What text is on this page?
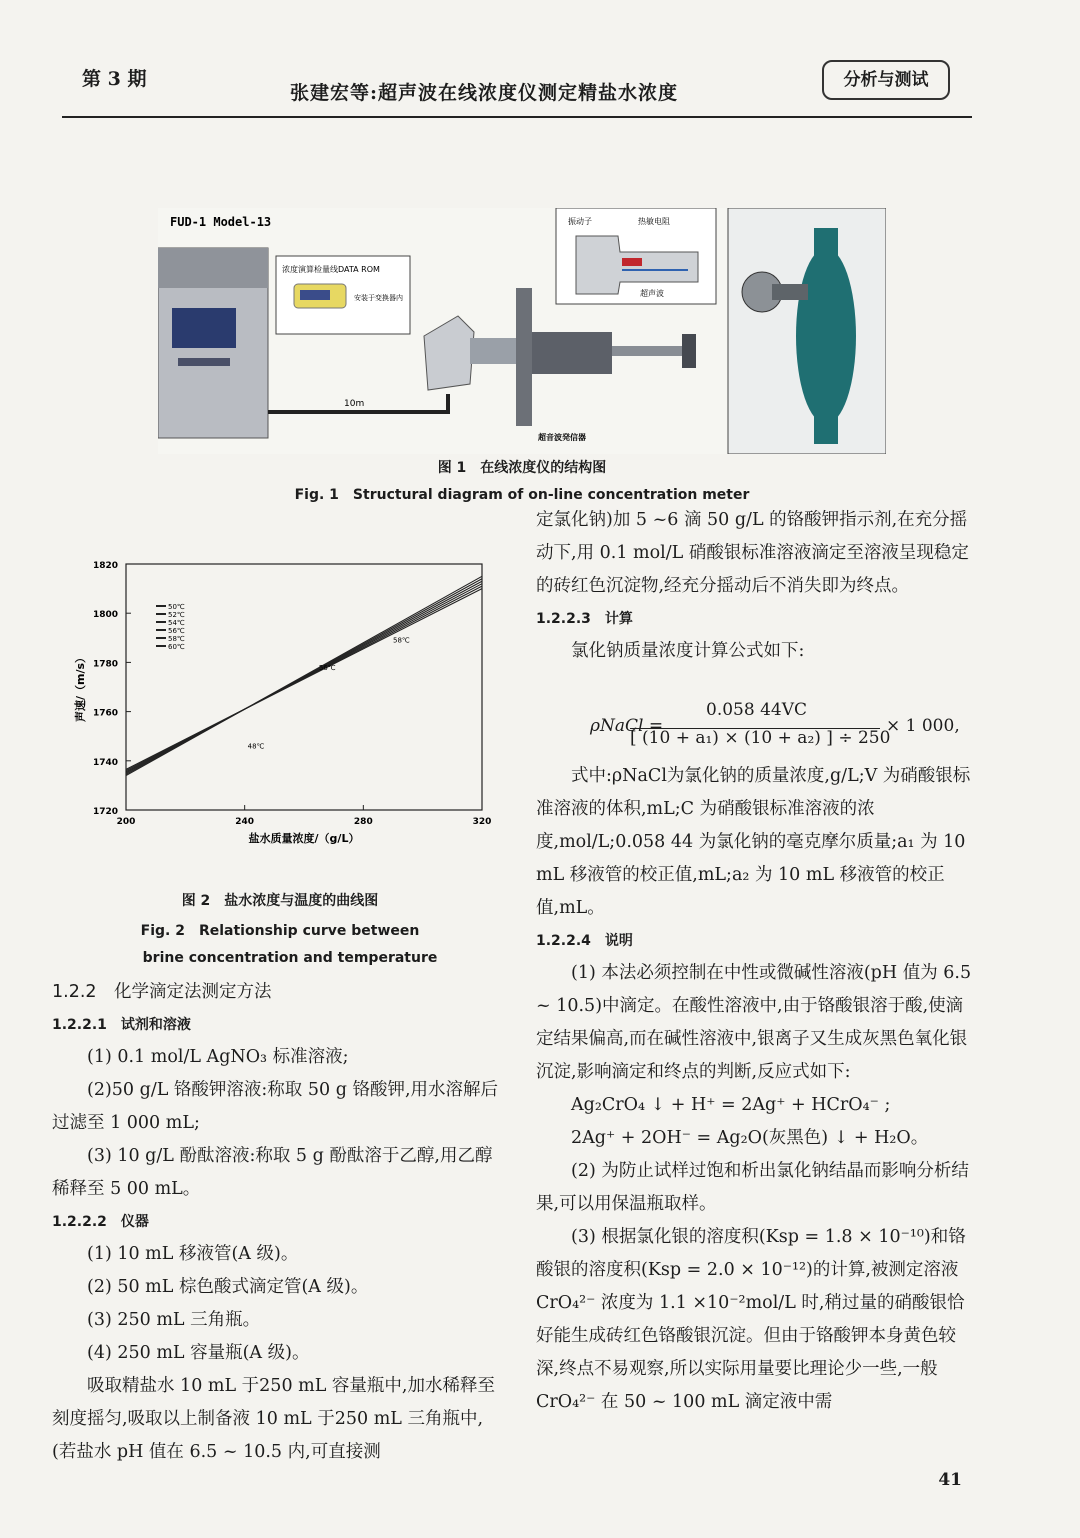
第 3 期
张建宏等:超声波在线浓度仪测定精盐水浓度
分析与测试
FUD-1 Model-13
浓度演算检量线DATA ROM
安装于变换器内
10m
超音波発信器
振动子	热敏电阻
超声波
图 1　在线浓度仪的结构图
Fig. 1　Structural diagram of on-line concentration meter
1720
1740
1760
1780
1800
1820
200	240	280	320
盐水质量浓度/（g/L）
声速/（m/s）
50℃
52℃
54℃
56℃
58℃
60℃
48℃
58℃
56℃
图 2　盐水浓度与温度的曲线图
Fig. 2　Relationship curve between
brine concentration and temperature

1.2.2　化学滴定法测定方法

1.2.2.1　试剂和溶液

(1) 0.1 mol/L AgNO₃ 标准溶液;

(2)50 g/L 铬酸钾溶液:称取 50 g 铬酸钾,用水溶解后过滤至 1 000 mL;

(3) 10 g/L 酚酞溶液:称取 5 g 酚酞溶于乙醇,用乙醇稀释至 5 00 mL。

1.2.2.2　仪器

(1) 10 mL 移液管(A 级)。

(2) 50 mL 棕色酸式滴定管(A 级)。

(3) 250 mL 三角瓶。

(4) 250 mL 容量瓶(A 级)。

吸取精盐水 10 mL 于250 mL 容量瓶中,加水稀释至刻度摇匀,吸取以上制备液 10 mL 于250 mL 三角瓶中,(若盐水 pH 值在 6.5 ~ 10.5 内,可直接测

定氯化钠)加 5 ~6 滴 50 g/L 的铬酸钾指示剂,在充分摇动下,用 0.1 mol/L 硝酸银标准溶液滴定至溶液呈现稳定的砖红色沉淀物,经充分摇动后不消失即为终点。

1.2.2.3　计算

氯化钠质量浓度计算公式如下:

ρNaCl =
0.058 44VC
[ (10 + a₁) × (10 + a₂) ] ÷ 250
× 1 000,

式中:ρNaCl为氯化钠的质量浓度,g/L;V 为硝酸银标准溶液的体积,mL;C 为硝酸银标准溶液的浓度,mol/L;0.058 44 为氯化钠的毫克摩尔质量;a₁ 为 10 mL 移液管的校正值,mL;a₂ 为 10 mL 移液管的校正值,mL。

1.2.2.4　说明

(1) 本法必须控制在中性或微碱性溶液(pH 值为 6.5 ~ 10.5)中滴定。在酸性溶液中,由于铬酸银溶于酸,使滴定结果偏高,而在碱性溶液中,银离子又生成灰黑色氧化银沉淀,影响滴定和终点的判断,反应式如下:

Ag₂CrO₄ ↓ + H⁺ = 2Ag⁺ + HCrO₄⁻ ;

2Ag⁺ + 2OH⁻ = Ag₂O(灰黑色) ↓ + H₂O。

(2) 为防止试样过饱和析出氯化钠结晶而影响分析结果,可以用保温瓶取样。

(3) 根据氯化银的溶度积(Ksp = 1.8 × 10⁻¹⁰)和铬酸银的溶度积(Ksp = 2.0 × 10⁻¹²)的计算,被测定溶液 CrO₄²⁻ 浓度为 1.1 ×10⁻²mol/L 时,稍过量的硝酸银恰好能生成砖红色铬酸银沉淀。但由于铬酸钾本身黄色较深,终点不易观察,所以实际用量要比理论少一些,一般 CrO₄²⁻ 在 50 ~ 100 mL 滴定液中需

41
